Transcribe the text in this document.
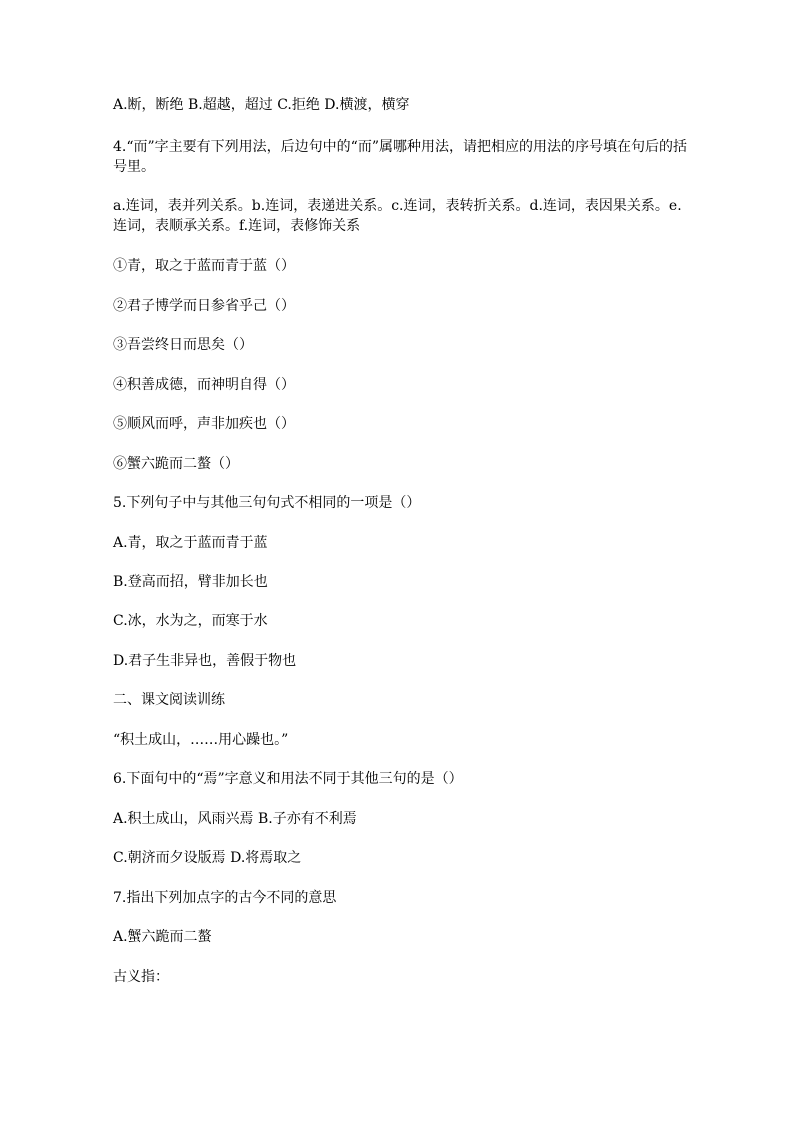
A.断，断绝 B.超越，超过 C.拒绝 D.横渡，横穿
4.“而”字主要有下列用法，后边句中的“而”属哪种用法，请把相应的用法的序号填在句后的括号里。
a.连词，表并列关系。b.连词，表递进关系。c.连词，表转折关系。d.连词，表因果关系。e.连词，表顺承关系。f.连词，表修饰关系
①青，取之于蓝而青于蓝（）
②君子博学而日参省乎己（）
③吾尝终日而思矣（）
④积善成德，而神明自得（）
⑤顺风而呼，声非加疾也（）
⑥蟹六跪而二螯（）
5.下列句子中与其他三句句式不相同的一项是（）
A.青，取之于蓝而青于蓝
B.登高而招，臂非加长也
C.冰，水为之，而寒于水
D.君子生非异也，善假于物也
二、课文阅读训练
“积土成山，……用心躁也。”
6.下面句中的“焉”字意义和用法不同于其他三句的是（）
A.积土成山，风雨兴焉 B.子亦有不利焉
C.朝济而夕设版焉 D.将焉取之
7.指出下列加点字的古今不同的意思
A.蟹六跪而二螯
古义指：
